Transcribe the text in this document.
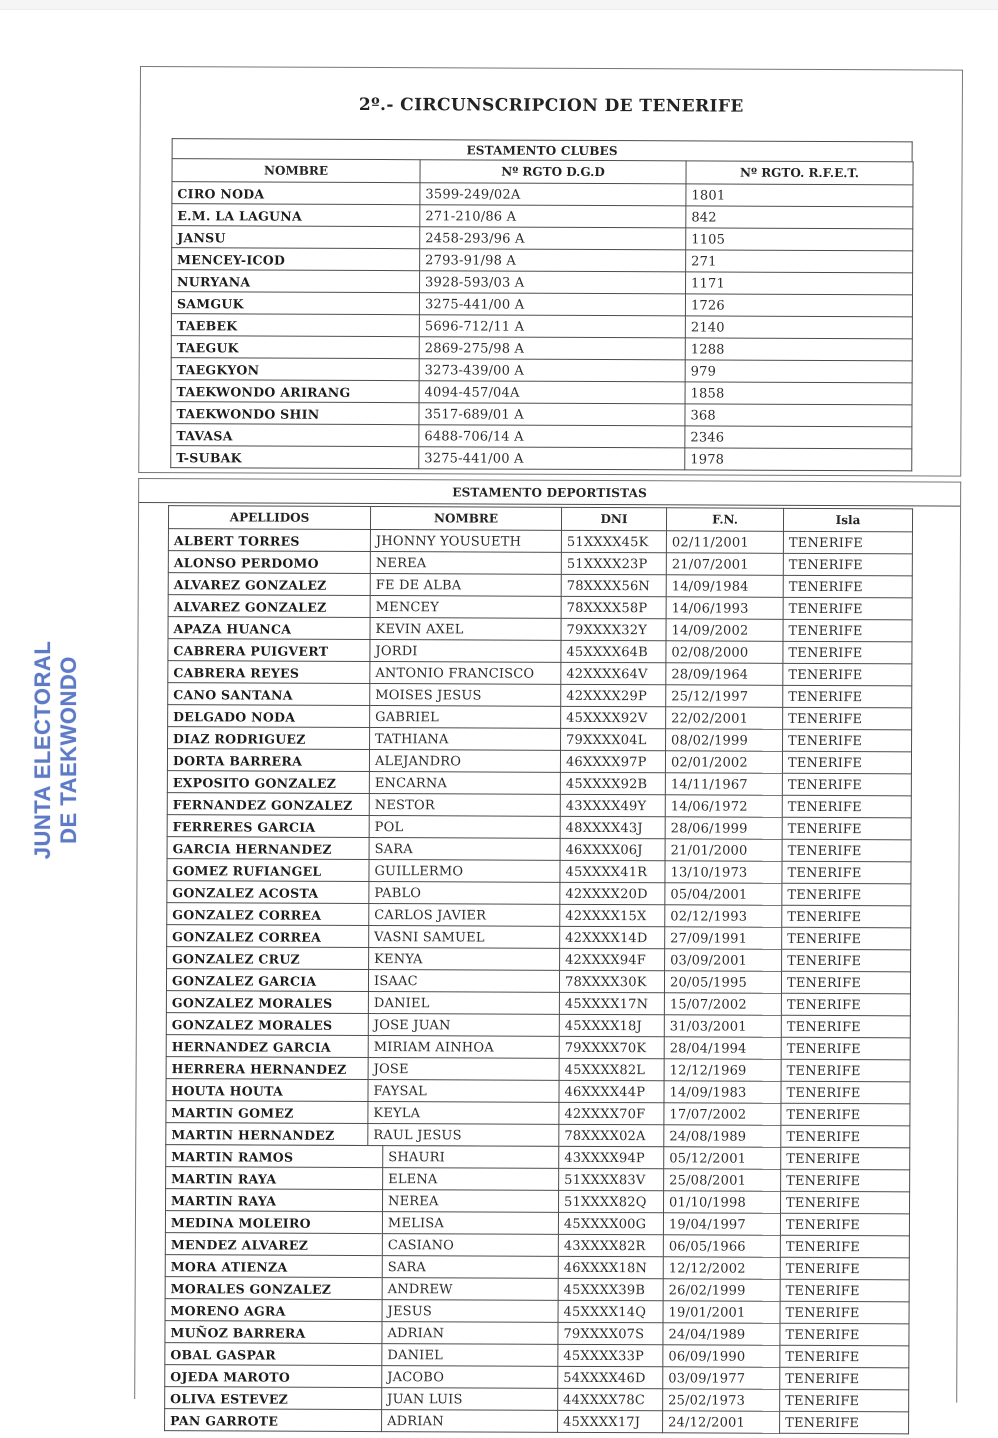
JUNTA ELECTORAL DE TAEKWONDO
2º.- CIRCUNSCRIPCION DE TENERIFE
ESTAMENTO CLUBES
NOMBRE	Nº RGTO D.G.D	Nº RGTO. R.F.E.T.
CIRO NODA	3599-249/02A	1801
E.M. LA LAGUNA	271-210/86 A	842
JANSU	2458-293/96 A	1105
MENCEY-ICOD	2793-91/98 A	271
NURYANA	3928-593/03 A	1171
SAMGUK	3275-441/00 A	1726
TAEBEK	5696-712/11 A	2140
TAEGUK	2869-275/98 A	1288
TAEGKYON	3273-439/00 A	979
TAEKWONDO ARIRANG	4094-457/04A	1858
TAEKWONDO SHIN	3517-689/01 A	368
TAVASA	6488-706/14 A	2346
T-SUBAK	3275-441/00 A	1978
ESTAMENTO DEPORTISTAS
APELLIDOS	NOMBRE	DNI	F.N.	Isla
ALBERT TORRES	JHONNY YOUSUETH	51XXXX45K	02/11/2001	TENERIFE
ALONSO PERDOMO	NEREA	51XXXX23P	21/07/2001	TENERIFE
ALVAREZ GONZALEZ	FE DE ALBA	78XXXX56N	14/09/1984	TENERIFE
ALVAREZ GONZALEZ	MENCEY	78XXXX58P	14/06/1993	TENERIFE
APAZA HUANCA	KEVIN AXEL	79XXXX32Y	14/09/2002	TENERIFE
CABRERA PUIGVERT	JORDI	45XXXX64B	02/08/2000	TENERIFE
CABRERA REYES	ANTONIO FRANCISCO	42XXXX64V	28/09/1964	TENERIFE
CANO SANTANA	MOISES JESUS	42XXXX29P	25/12/1997	TENERIFE
DELGADO NODA	GABRIEL	45XXXX92V	22/02/2001	TENERIFE
DIAZ RODRIGUEZ	TATHIANA	79XXXX04L	08/02/1999	TENERIFE
DORTA BARRERA	ALEJANDRO	46XXXX97P	02/01/2002	TENERIFE
EXPOSITO GONZALEZ	ENCARNA	45XXXX92B	14/11/1967	TENERIFE
FERNANDEZ GONZALEZ	NESTOR	43XXXX49Y	14/06/1972	TENERIFE
FERRERES GARCIA	POL	48XXXX43J	28/06/1999	TENERIFE
GARCIA HERNANDEZ	SARA	46XXXX06J	21/01/2000	TENERIFE
GOMEZ RUFIANGEL	GUILLERMO	45XXXX41R	13/10/1973	TENERIFE
GONZALEZ ACOSTA	PABLO	42XXXX20D	05/04/2001	TENERIFE
GONZALEZ CORREA	CARLOS JAVIER	42XXXX15X	02/12/1993	TENERIFE
GONZALEZ CORREA	VASNI SAMUEL	42XXXX14D	27/09/1991	TENERIFE
GONZALEZ CRUZ	KENYA	42XXXX94F	03/09/2001	TENERIFE
GONZALEZ GARCIA	ISAAC	78XXXX30K	20/05/1995	TENERIFE
GONZALEZ MORALES	DANIEL	45XXXX17N	15/07/2002	TENERIFE
GONZALEZ MORALES	JOSE JUAN	45XXXX18J	31/03/2001	TENERIFE
HERNANDEZ GARCIA	MIRIAM AINHOA	79XXXX70K	28/04/1994	TENERIFE
HERRERA HERNANDEZ	JOSE	45XXXX82L	12/12/1969	TENERIFE
HOUTA HOUTA	FAYSAL	46XXXX44P	14/09/1983	TENERIFE
MARTIN GOMEZ	KEYLA	42XXXX70F	17/07/2002	TENERIFE
MARTIN HERNANDEZ	RAUL JESUS	78XXXX02A	24/08/1989	TENERIFE
MARTIN RAMOS	SHAURI	43XXXX94P	05/12/2001	TENERIFE
MARTIN RAYA	ELENA	51XXXX83V	25/08/2001	TENERIFE
MARTIN RAYA	NEREA	51XXXX82Q	01/10/1998	TENERIFE
MEDINA MOLEIRO	MELISA	45XXXX00G	19/04/1997	TENERIFE
MENDEZ ALVAREZ	CASIANO	43XXXX82R	06/05/1966	TENERIFE
MORA ATIENZA	SARA	46XXXX18N	12/12/2002	TENERIFE
MORALES GONZALEZ	ANDREW	45XXXX39B	26/02/1999	TENERIFE
MORENO AGRA	JESUS	45XXXX14Q	19/01/2001	TENERIFE
MUÑOZ BARRERA	ADRIAN	79XXXX07S	24/04/1989	TENERIFE
OBAL GASPAR	DANIEL	45XXXX33P	06/09/1990	TENERIFE
OJEDA MAROTO	JACOBO	54XXXX46D	03/09/1977	TENERIFE
OLIVA ESTEVEZ	JUAN LUIS	44XXXX78C	25/02/1973	TENERIFE
PAN GARROTE	ADRIAN	45XXXX17J	24/12/2001	TENERIFE
